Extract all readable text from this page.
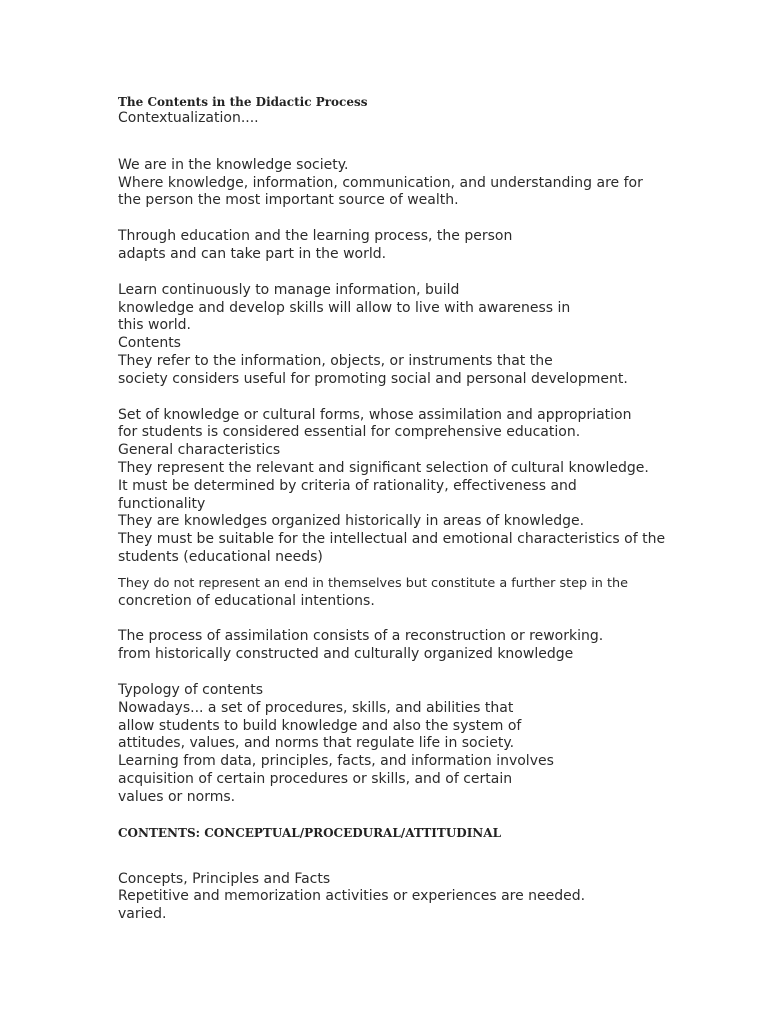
The Contents in the Didactic Process

Contextualization....

We are in the knowledge society.

Where knowledge, information, communication, and understanding are for

the person the most important source of wealth.

Through education and the learning process, the person

adapts and can take part in the world.

Learn continuously to manage information, build

knowledge and develop skills will allow to live with awareness in

this world.

Contents

They refer to the information, objects, or instruments that the

society considers useful for promoting social and personal development.

Set of knowledge or cultural forms, whose assimilation and appropriation

for students is considered essential for comprehensive education.

General characteristics

They represent the relevant and significant selection of cultural knowledge.

It must be determined by criteria of rationality, effectiveness and

functionality

They are knowledges organized historically in areas of knowledge.

They must be suitable for the intellectual and emotional characteristics of the

students (educational needs)

They do not represent an end in themselves but constitute a further step in the

concretion of educational intentions.

The process of assimilation consists of a reconstruction or reworking.

from historically constructed and culturally organized knowledge

Typology of contents

Nowadays... a set of procedures, skills, and abilities that

allow students to build knowledge and also the system of

attitudes, values, and norms that regulate life in society.

Learning from data, principles, facts, and information involves

acquisition of certain procedures or skills, and of certain

values or norms.

CONTENTS: CONCEPTUAL/PROCEDURAL/ATTITUDINAL

Concepts, Principles and Facts

Repetitive and memorization activities or experiences are needed.

varied.
